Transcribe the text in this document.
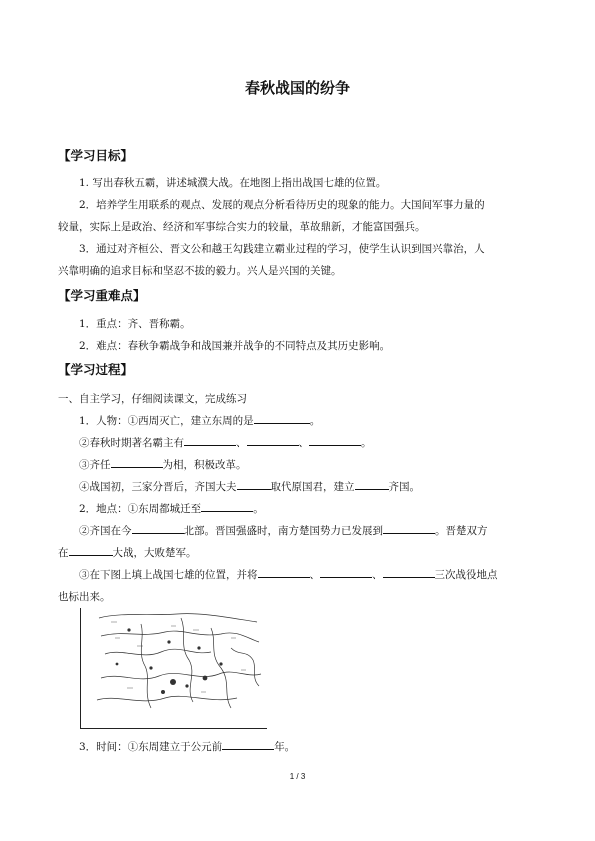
春秋战国的纷争
【学习目标】
1. 写出春秋五霸，讲述城濮大战。在地图上指出战国七雄的位置。
2．培养学生用联系的观点、发展的观点分析看待历史的现象的能力。大国间军事力量的
较量，实际上是政治、经济和军事综合实力的较量，革故鼎新，才能富国强兵。
3．通过对齐桓公、晋文公和越王勾践建立霸业过程的学习，使学生认识到国兴靠治，人
兴靠明确的追求目标和坚忍不拔的毅力。兴人是兴国的关键。
【学习重难点】
1．重点：齐、晋称霸。
2．难点：春秋争霸战争和战国兼并战争的不同特点及其历史影响。
【学习过程】
一、自主学习，仔细阅读课文，完成练习
1．人物：①西周灭亡，建立东周的是	。
②春秋时期著名霸主有	、	、	。
③齐任	为相，积极改革。
④战国初，三家分晋后，齐国大夫	取代原国君，建立	齐国。
2．地点：①东周都城迁至	。
②齐国在今	北部。晋国强盛时，南方楚国势力已发展到	。晋楚双方
在	大战，大败楚军。
③在下图上填上战国七雄的位置，并将	、	、	三次战役地点
也标出来。
3．时间：①东周建立于公元前	年。
1 / 3
